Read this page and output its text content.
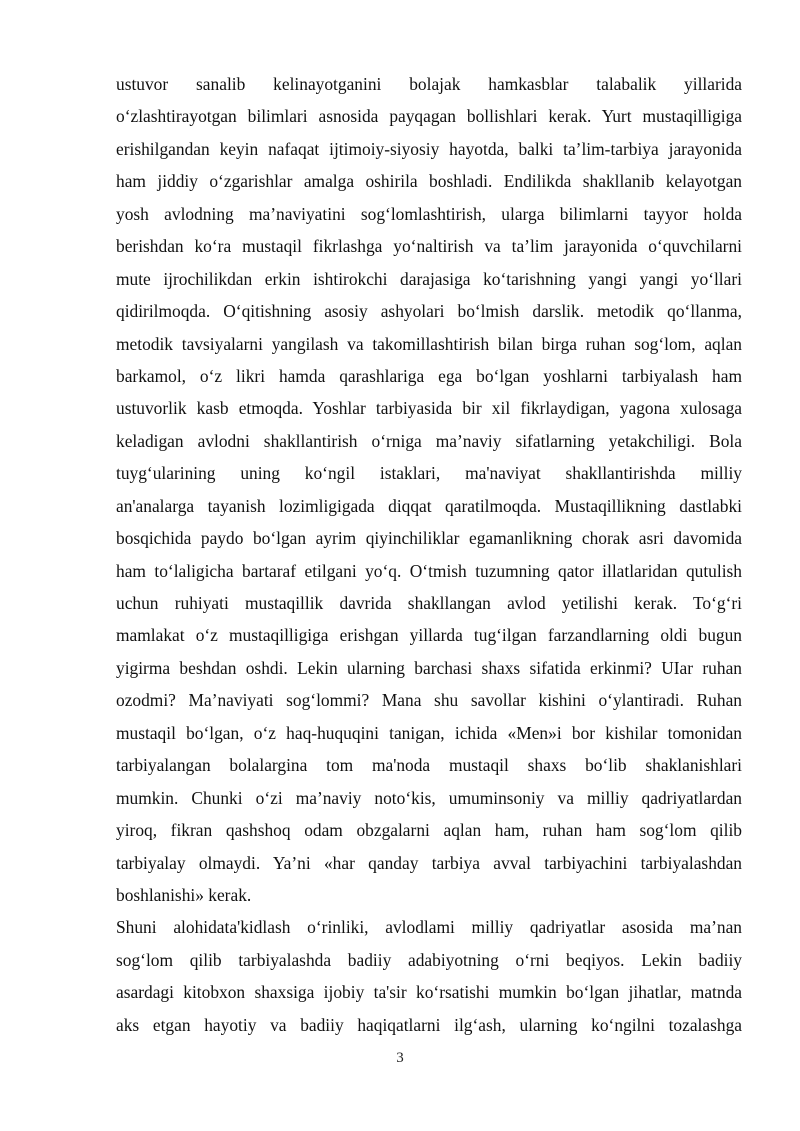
ustuvor sanalib kelinayotganini bolajak hamkasblar talabalik yillarida
o‘zlashtirayotgan bilimlari asnosida payqagan bollishlari kerak. Yurt mustaqilligiga
erishilgandan keyin nafaqat ijtimoiy-siyosiy hayotda, balki ta’lim-tarbiya jarayonida
ham jiddiy o‘zgarishlar amalga oshirila boshladi. Endilikda shakllanib kelayotgan
yosh avlodning ma’naviyatini sog‘lomlashtirish, ularga bilimlarni tayyor holda
berishdan ko‘ra mustaqil fikrlashga yo‘naltirish va ta’lim jarayonida o‘quvchilarni
mute ijrochilikdan erkin ishtirokchi darajasiga ko‘tarishning yangi yangi yo‘llari
qidirilmoqda. O‘qitishning asosiy ashyolari bo‘lmish darslik. metodik qo‘llanma,
metodik tavsiyalarni yangilash va takomillashtirish bilan birga ruhan sog‘lom, aqlan
barkamol, o‘z likri hamda qarashlariga ega bo‘lgan yoshlarni tarbiyalash ham
ustuvorlik kasb etmoqda. Yoshlar tarbiyasida bir xil fikrlaydigan, yagona xulosaga
keladigan avlodni shakllantirish o‘rniga ma’naviy sifatlarning yetakchiligi. Bola
tuyg‘ularining uning ko‘ngil istaklari, ma'naviyat shakllantirishda milliy
an'analarga tayanish lozimligigada diqqat qaratilmoqda. Mustaqillikning dastlabki
bosqichida paydo bo‘lgan ayrim qiyinchiliklar egamanlikning chorak asri davomida
ham to‘laligicha bartaraf etilgani yo‘q. O‘tmish tuzumning qator illatlaridan qutulish
uchun ruhiyati mustaqillik davrida shakllangan avlod yetilishi kerak. To‘g‘ri
mamlakat o‘z mustaqilligiga erishgan yillarda tug‘ilgan farzandlarning oldi bugun
yigirma beshdan oshdi. Lekin ularning barchasi shaxs sifatida erkinmi? UIar ruhan
ozodmi? Ma’naviyati sog‘lommi? Mana shu savollar kishini o‘ylantiradi. Ruhan
mustaqil bo‘lgan, o‘z haq-huquqini tanigan, ichida «Men»i bor kishilar tomonidan
tarbiyalangan bolalargina tom ma'noda mustaqil shaxs bo‘lib shaklanishlari
mumkin. Chunki o‘zi ma’naviy noto‘kis, umuminsoniy va milliy qadriyatlardan
yiroq, fikran qashshoq odam obzgalarni aqlan ham, ruhan ham sog‘lom qilib
tarbiyalay olmaydi. Ya’ni «har qanday tarbiya avval tarbiyachini tarbiyalashdan
boshlanishi» kerak.
Shuni alohidata'kidlash o‘rinliki, avlodlami milliy qadriyatlar asosida ma’nan
sog‘lom qilib tarbiyalashda badiiy adabiyotning o‘rni beqiyos. Lekin badiiy
asardagi kitobxon shaxsiga ijobiy ta'sir ko‘rsatishi mumkin bo‘lgan jihatlar, matnda
aks etgan hayotiy va badiiy haqiqatlarni ilg‘ash, ularning ko‘ngilni tozalashga
3
